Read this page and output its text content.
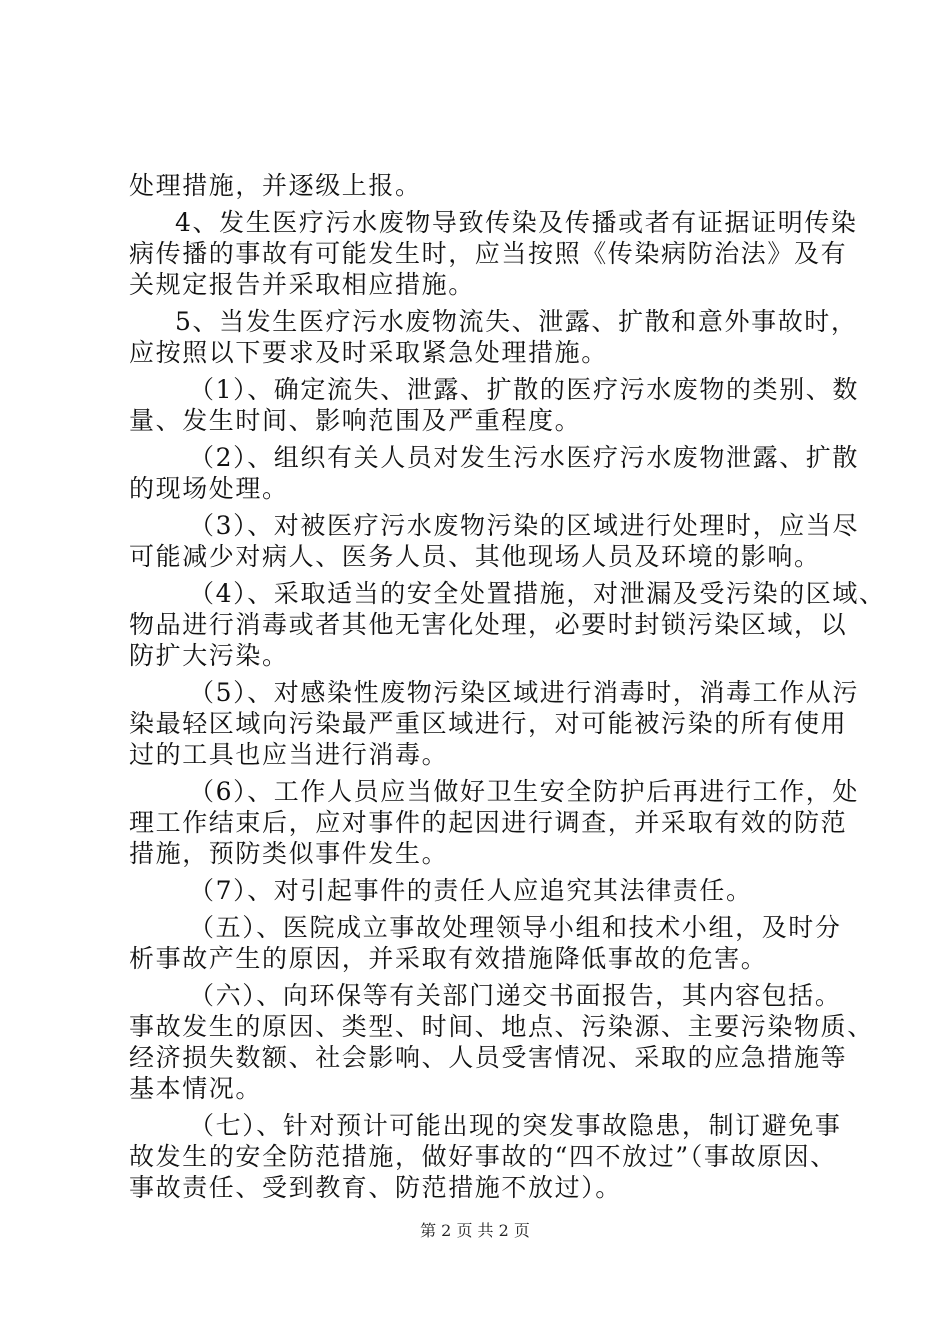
处理措施，并逐级上报。
4、发生医疗污水废物导致传染及传播或者有证据证明传染
病传播的事故有可能发生时，应当按照《传染病防治法》及有
关规定报告并采取相应措施。
5、当发生医疗污水废物流失、泄露、扩散和意外事故时，
应按照以下要求及时采取紧急处理措施。
（1）、确定流失、泄露、扩散的医疗污水废物的类别、数
量、发生时间、影响范围及严重程度。
（2）、组织有关人员对发生污水医疗污水废物泄露、扩散
的现场处理。
（3）、对被医疗污水废物污染的区域进行处理时，应当尽
可能减少对病人、医务人员、其他现场人员及环境的影响。
（4）、采取适当的安全处置措施，对泄漏及受污染的区域、
物品进行消毒或者其他无害化处理，必要时封锁污染区域，以
防扩大污染。
（5）、对感染性废物污染区域进行消毒时，消毒工作从污
染最轻区域向污染最严重区域进行，对可能被污染的所有使用
过的工具也应当进行消毒。
（6）、工作人员应当做好卫生安全防护后再进行工作，处
理工作结束后，应对事件的起因进行调查，并采取有效的防范
措施，预防类似事件发生。
（7）、对引起事件的责任人应追究其法律责任。
（五）、医院成立事故处理领导小组和技术小组，及时分
析事故产生的原因，并采取有效措施降低事故的危害。
（六）、向环保等有关部门递交书面报告，其内容包括。
事故发生的原因、类型、时间、地点、污染源、主要污染物质、
经济损失数额、社会影响、人员受害情况、采取的应急措施等
基本情况。
（七）、针对预计可能出现的突发事故隐患，制订避免事
故发生的安全防范措施，做好事故的“四不放过”（事故原因、
事故责任、受到教育、防范措施不放过）。
第 2 页 共 2 页
